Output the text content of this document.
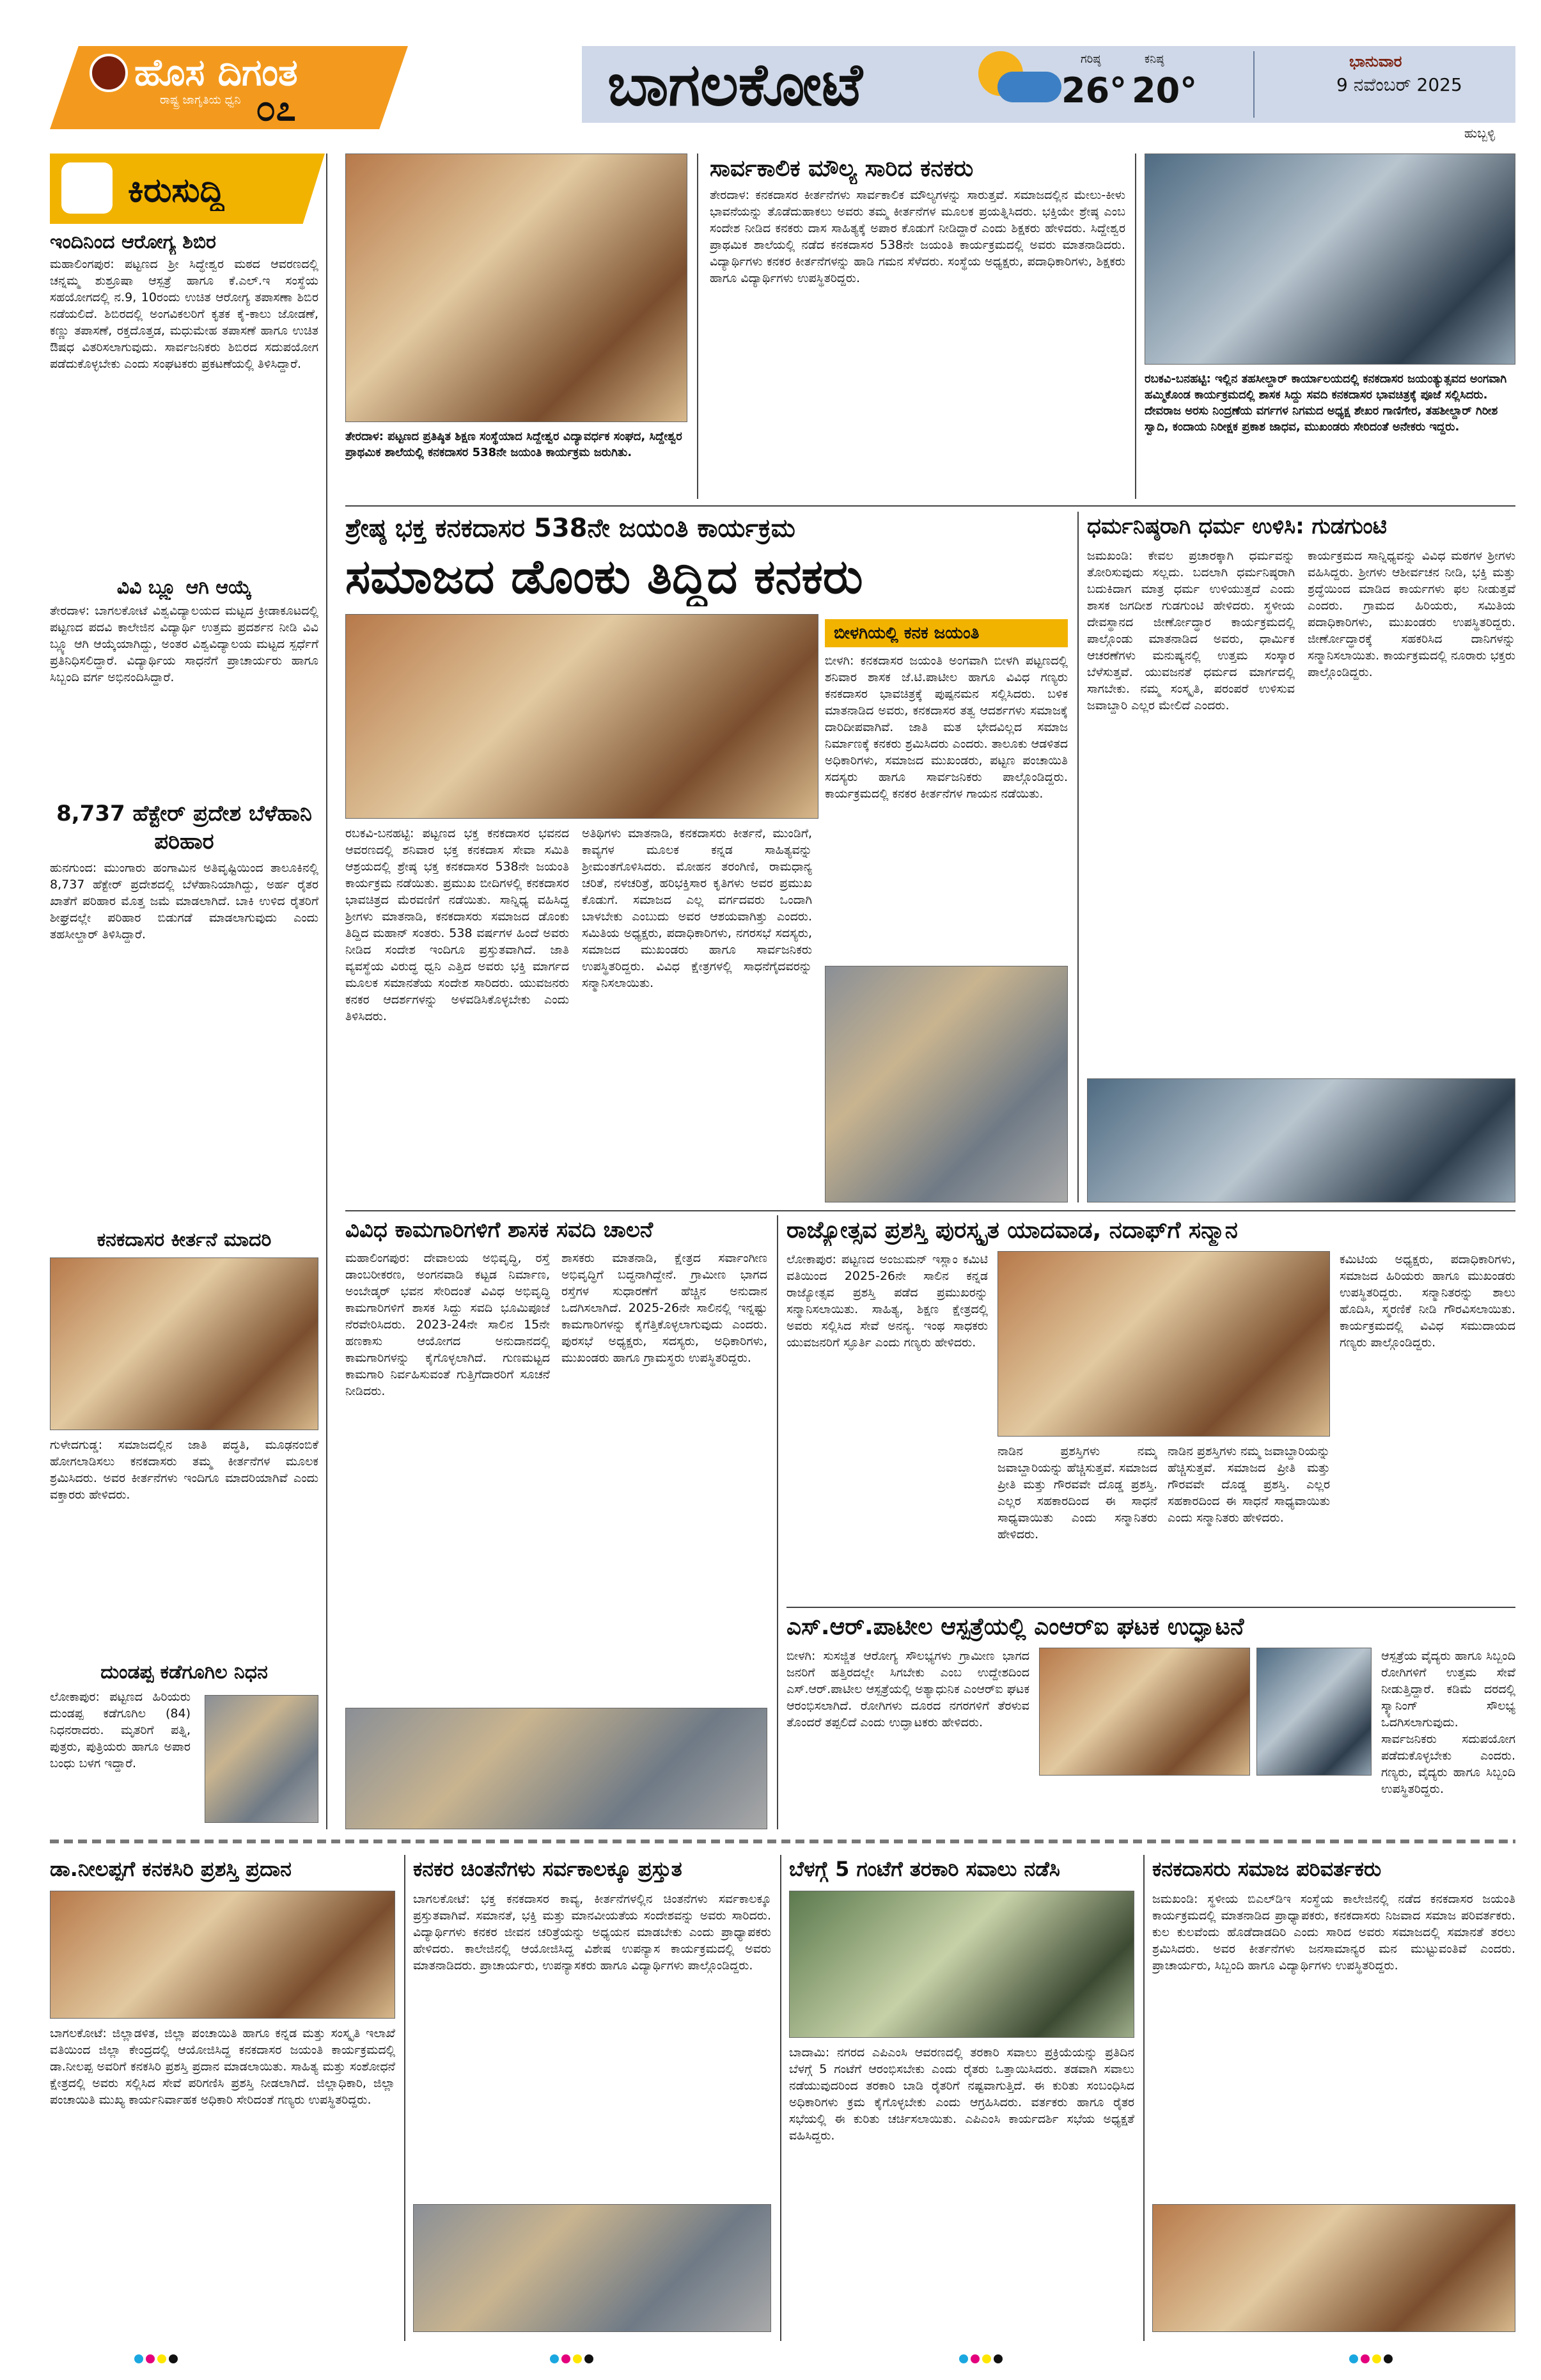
ಹೊಸ ದಿಗಂತ
ರಾಷ್ಟ್ರ ಜಾಗೃತಿಯ ಧ್ವನಿ ೦೭	ಬಾಗಲಕೋಟೆ	ಗರಿಷ್ಠ
26°
ಕನಿಷ್ಠ
20°
ಭಾನುವಾರ
9 ನವೆಂಬರ್ 2025
ಹುಬ್ಬಳ್ಳಿ
ಕಿರುಸುದ್ದಿ
ಇಂದಿನಿಂದ ಆರೋಗ್ಯ ಶಿಬಿರ
ಮಹಾಲಿಂಗಪುರ: ಪಟ್ಟಣದ ಶ್ರೀ ಸಿದ್ಧೇಶ್ವರ ಮಠದ ಆವರಣದಲ್ಲಿ ಚನ್ನಮ್ಮ ಶುಶ್ರೂಷಾ ಆಸ್ಪತ್ರೆ ಹಾಗೂ ಕೆ.ಎಲ್.ಇ ಸಂಸ್ಥೆಯ ಸಹಯೋಗದಲ್ಲಿ ನ.9, 10ರಂದು ಉಚಿತ ಆರೋಗ್ಯ ತಪಾಸಣಾ ಶಿಬಿರ ನಡೆಯಲಿದೆ. ಶಿಬಿರದಲ್ಲಿ ಅಂಗವಿಕಲರಿಗೆ ಕೃತಕ ಕೈ-ಕಾಲು ಜೋಡಣೆ, ಕಣ್ಣು ತಪಾಸಣೆ, ರಕ್ತದೊತ್ತಡ, ಮಧುಮೇಹ ತಪಾಸಣೆ ಹಾಗೂ ಉಚಿತ ಔಷಧ ವಿತರಿಸಲಾಗುವುದು. ಸಾರ್ವಜನಿಕರು ಶಿಬಿರದ ಸದುಪಯೋಗ ಪಡೆದುಕೊಳ್ಳಬೇಕು ಎಂದು ಸಂಘಟಕರು ಪ್ರಕಟಣೆಯಲ್ಲಿ ತಿಳಿಸಿದ್ದಾರೆ.
ವಿವಿ ಬ್ಲ್ಯೂ ಆಗಿ ಆಯ್ಕೆ
ತೇರದಾಳ: ಬಾಗಲಕೋಟೆ ವಿಶ್ವವಿದ್ಯಾಲಯದ ಮಟ್ಟದ ಕ್ರೀಡಾಕೂಟದಲ್ಲಿ ಪಟ್ಟಣದ ಪದವಿ ಕಾಲೇಜಿನ ವಿದ್ಯಾರ್ಥಿ ಉತ್ತಮ ಪ್ರದರ್ಶನ ನೀಡಿ ವಿವಿ ಬ್ಲ್ಯೂ ಆಗಿ ಆಯ್ಕೆಯಾಗಿದ್ದು, ಅಂತರ ವಿಶ್ವವಿದ್ಯಾಲಯ ಮಟ್ಟದ ಸ್ಪರ್ಧೆಗೆ ಪ್ರತಿನಿಧಿಸಲಿದ್ದಾರೆ. ವಿದ್ಯಾರ್ಥಿಯ ಸಾಧನೆಗೆ ಪ್ರಾಚಾರ್ಯರು ಹಾಗೂ ಸಿಬ್ಬಂದಿ ವರ್ಗ ಅಭಿನಂದಿಸಿದ್ದಾರೆ.
8,737 ಹೆಕ್ಟೇರ್ ಪ್ರದೇಶ ಬೆಳೆಹಾನಿ ಪರಿಹಾರ
ಹುನಗುಂದ: ಮುಂಗಾರು ಹಂಗಾಮಿನ ಅತಿವೃಷ್ಟಿಯಿಂದ ತಾಲೂಕಿನಲ್ಲಿ 8,737 ಹೆಕ್ಟೇರ್ ಪ್ರದೇಶದಲ್ಲಿ ಬೆಳೆಹಾನಿಯಾಗಿದ್ದು, ಅರ್ಹ ರೈತರ ಖಾತೆಗೆ ಪರಿಹಾರ ಮೊತ್ತ ಜಮೆ ಮಾಡಲಾಗಿದೆ. ಬಾಕಿ ಉಳಿದ ರೈತರಿಗೆ ಶೀಘ್ರದಲ್ಲೇ ಪರಿಹಾರ ಬಿಡುಗಡೆ ಮಾಡಲಾಗುವುದು ಎಂದು ತಹಸೀಲ್ದಾರ್ ತಿಳಿಸಿದ್ದಾರೆ.
ಕನಕದಾಸರ ಕೀರ್ತನೆ ಮಾದರಿ
ಗುಳೇದಗುಡ್ಡ: ಸಮಾಜದಲ್ಲಿನ ಜಾತಿ ಪದ್ಧತಿ, ಮೂಢನಂಬಿಕೆ ಹೋಗಲಾಡಿಸಲು ಕನಕದಾಸರು ತಮ್ಮ ಕೀರ್ತನೆಗಳ ಮೂಲಕ ಶ್ರಮಿಸಿದರು. ಅವರ ಕೀರ್ತನೆಗಳು ಇಂದಿಗೂ ಮಾದರಿಯಾಗಿವೆ ಎಂದು ವಕ್ತಾರರು ಹೇಳಿದರು.
ದುಂಡಪ್ಪ ಕಡೆಗೂಗಿಲ ನಿಧನ
ಲೋಕಾಪುರ: ಪಟ್ಟಣದ ಹಿರಿಯರು ದುಂಡಪ್ಪ ಕಡೆಗೂಗಿಲ (84) ನಿಧನರಾದರು. ಮೃತರಿಗೆ ಪತ್ನಿ, ಪುತ್ರರು, ಪುತ್ರಿಯರು ಹಾಗೂ ಅಪಾರ ಬಂಧು ಬಳಗ ಇದ್ದಾರೆ.
ತೇರದಾಳ: ಪಟ್ಟಣದ ಪ್ರತಿಷ್ಠಿತ ಶಿಕ್ಷಣ ಸಂಸ್ಥೆಯಾದ ಸಿದ್ದೇಶ್ವರ ವಿದ್ಯಾವರ್ಧಕ ಸಂಘದ, ಸಿದ್ದೇಶ್ವರ ಪ್ರಾಥಮಿಕ ಶಾಲೆಯಲ್ಲಿ ಕನಕದಾಸರ 538ನೇ ಜಯಂತಿ ಕಾರ್ಯಕ್ರಮ ಜರುಗಿತು.
ಸಾರ್ವಕಾಲಿಕ ಮೌಲ್ಯ ಸಾರಿದ ಕನಕರು
ತೇರದಾಳ: ಕನಕದಾಸರ ಕೀರ್ತನೆಗಳು ಸಾರ್ವಕಾಲಿಕ ಮೌಲ್ಯಗಳನ್ನು ಸಾರುತ್ತವೆ. ಸಮಾಜದಲ್ಲಿನ ಮೇಲು-ಕೀಳು ಭಾವನೆಯನ್ನು ತೊಡೆದುಹಾಕಲು ಅವರು ತಮ್ಮ ಕೀರ್ತನೆಗಳ ಮೂಲಕ ಪ್ರಯತ್ನಿಸಿದರು. ಭಕ್ತಿಯೇ ಶ್ರೇಷ್ಠ ಎಂಬ ಸಂದೇಶ ನೀಡಿದ ಕನಕರು ದಾಸ ಸಾಹಿತ್ಯಕ್ಕೆ ಅಪಾರ ಕೊಡುಗೆ ನೀಡಿದ್ದಾರೆ ಎಂದು ಶಿಕ್ಷಕರು ಹೇಳಿದರು. ಸಿದ್ದೇಶ್ವರ ಪ್ರಾಥಮಿಕ ಶಾಲೆಯಲ್ಲಿ ನಡೆದ ಕನಕದಾಸರ 538ನೇ ಜಯಂತಿ ಕಾರ್ಯಕ್ರಮದಲ್ಲಿ ಅವರು ಮಾತನಾಡಿದರು. ವಿದ್ಯಾರ್ಥಿಗಳು ಕನಕರ ಕೀರ್ತನೆಗಳನ್ನು ಹಾಡಿ ಗಮನ ಸೆಳೆದರು. ಸಂಸ್ಥೆಯ ಅಧ್ಯಕ್ಷರು, ಪದಾಧಿಕಾರಿಗಳು, ಶಿಕ್ಷಕರು ಹಾಗೂ ವಿದ್ಯಾರ್ಥಿಗಳು ಉಪಸ್ಥಿತರಿದ್ದರು.
ರಬಕವಿ-ಬನಹಟ್ಟಿ: ಇಲ್ಲಿನ ತಹಸೀಲ್ದಾರ್ ಕಾರ್ಯಾಲಯದಲ್ಲಿ ಕನಕದಾಸರ ಜಯಂತ್ಯುತ್ಸವದ ಅಂಗವಾಗಿ ಹಮ್ಮಿಕೊಂಡ ಕಾರ್ಯಕ್ರಮದಲ್ಲಿ ಶಾಸಕ ಸಿದ್ದು ಸವದಿ ಕನಕದಾಸರ ಭಾವಚಿತ್ರಕ್ಕೆ ಪೂಜೆ ಸಲ್ಲಿಸಿದರು. ದೇವರಾಜ ಅರಸು ನಿಂದ್ರಣೆಯ ವರ್ಗಗಳ ನಿಗಮದ ಅಧ್ಯಕ್ಷ ಶೇಖರ ಗಾಣಿಗೇರ, ತಹಶೀಲ್ದಾರ್ ಗಿರೀಶ ಸ್ವಾದಿ, ಕಂದಾಯ ನಿರೀಕ್ಷಕ ಪ್ರಕಾಶ ಜಾಧವ, ಮುಖಂಡರು ಸೇರಿದಂತೆ ಅನೇಕರು ಇದ್ದರು.
ಶ್ರೇಷ್ಠ ಭಕ್ತ ಕನಕದಾಸರ 538ನೇ ಜಯಂತಿ ಕಾರ್ಯಕ್ರಮ
ಸಮಾಜದ ಡೊಂಕು ತಿದ್ದಿದ ಕನಕರು
ರಬಕವಿ-ಬನಹಟ್ಟಿ: ಪಟ್ಟಣದ ಭಕ್ತ ಕನಕದಾಸರ ಭವನದ ಆವರಣದಲ್ಲಿ ಶನಿವಾರ ಭಕ್ತ ಕನಕದಾಸ ಸೇವಾ ಸಮಿತಿ ಆಶ್ರಯದಲ್ಲಿ ಶ್ರೇಷ್ಠ ಭಕ್ತ ಕನಕದಾಸರ 538ನೇ ಜಯಂತಿ ಕಾರ್ಯಕ್ರಮ ನಡೆಯಿತು. ಪ್ರಮುಖ ಬೀದಿಗಳಲ್ಲಿ ಕನಕದಾಸರ ಭಾವಚಿತ್ರದ ಮೆರವಣಿಗೆ ನಡೆಯಿತು. ಸಾನ್ನಿಧ್ಯ ವಹಿಸಿದ್ದ ಶ್ರೀಗಳು ಮಾತನಾಡಿ, ಕನಕದಾಸರು ಸಮಾಜದ ಡೊಂಕು ತಿದ್ದಿದ ಮಹಾನ್ ಸಂತರು. 538 ವರ್ಷಗಳ ಹಿಂದೆ ಅವರು ನೀಡಿದ ಸಂದೇಶ ಇಂದಿಗೂ ಪ್ರಸ್ತುತವಾಗಿದೆ. ಜಾತಿ ವ್ಯವಸ್ಥೆಯ ವಿರುದ್ಧ ಧ್ವನಿ ಎತ್ತಿದ ಅವರು ಭಕ್ತಿ ಮಾರ್ಗದ ಮೂಲಕ ಸಮಾನತೆಯ ಸಂದೇಶ ಸಾರಿದರು. ಯುವಜನರು ಕನಕರ ಆದರ್ಶಗಳನ್ನು ಅಳವಡಿಸಿಕೊಳ್ಳಬೇಕು ಎಂದು ತಿಳಿಸಿದರು.
ಅತಿಥಿಗಳು ಮಾತನಾಡಿ, ಕನಕದಾಸರು ಕೀರ್ತನೆ, ಮುಂಡಿಗೆ, ಕಾವ್ಯಗಳ ಮೂಲಕ ಕನ್ನಡ ಸಾಹಿತ್ಯವನ್ನು ಶ್ರೀಮಂತಗೊಳಿಸಿದರು. ಮೋಹನ ತರಂಗಿಣಿ, ರಾಮಧಾನ್ಯ ಚರಿತೆ, ನಳಚರಿತ್ರೆ, ಹರಿಭಕ್ತಿಸಾರ ಕೃತಿಗಳು ಅವರ ಪ್ರಮುಖ ಕೊಡುಗೆ. ಸಮಾಜದ ಎಲ್ಲ ವರ್ಗದವರು ಒಂದಾಗಿ ಬಾಳಬೇಕು ಎಂಬುದು ಅವರ ಆಶಯವಾಗಿತ್ತು ಎಂದರು. ಸಮಿತಿಯ ಅಧ್ಯಕ್ಷರು, ಪದಾಧಿಕಾರಿಗಳು, ನಗರಸಭೆ ಸದಸ್ಯರು, ಸಮಾಜದ ಮುಖಂಡರು ಹಾಗೂ ಸಾರ್ವಜನಿಕರು ಉಪಸ್ಥಿತರಿದ್ದರು. ವಿವಿಧ ಕ್ಷೇತ್ರಗಳಲ್ಲಿ ಸಾಧನೆಗೈದವರನ್ನು ಸನ್ಮಾನಿಸಲಾಯಿತು.
ಬೀಳಗಿಯಲ್ಲಿ ಕನಕ ಜಯಂತಿ
ಬೀಳಗಿ: ಕನಕದಾಸರ ಜಯಂತಿ ಅಂಗವಾಗಿ ಬೀಳಗಿ ಪಟ್ಟಣದಲ್ಲಿ ಶನಿವಾರ ಶಾಸಕ ಜೆ.ಟಿ.ಪಾಟೀಲ ಹಾಗೂ ವಿವಿಧ ಗಣ್ಯರು ಕನಕದಾಸರ ಭಾವಚಿತ್ರಕ್ಕೆ ಪುಷ್ಪನಮನ ಸಲ್ಲಿಸಿದರು. ಬಳಿಕ ಮಾತನಾಡಿದ ಅವರು, ಕನಕದಾಸರ ತತ್ವ ಆದರ್ಶಗಳು ಸಮಾಜಕ್ಕೆ ದಾರಿದೀಪವಾಗಿವೆ. ಜಾತಿ ಮತ ಭೇದವಿಲ್ಲದ ಸಮಾಜ ನಿರ್ಮಾಣಕ್ಕೆ ಕನಕರು ಶ್ರಮಿಸಿದರು ಎಂದರು. ತಾಲೂಕು ಆಡಳಿತದ ಅಧಿಕಾರಿಗಳು, ಸಮಾಜದ ಮುಖಂಡರು, ಪಟ್ಟಣ ಪಂಚಾಯಿತಿ ಸದಸ್ಯರು ಹಾಗೂ ಸಾರ್ವಜನಿಕರು ಪಾಲ್ಗೊಂಡಿದ್ದರು. ಕಾರ್ಯಕ್ರಮದಲ್ಲಿ ಕನಕರ ಕೀರ್ತನೆಗಳ ಗಾಯನ ನಡೆಯಿತು.
ಧರ್ಮನಿಷ್ಠರಾಗಿ ಧರ್ಮ ಉಳಿಸಿ: ಗುಡಗುಂಟಿ
ಜಮಖಂಡಿ: ಕೇವಲ ಪ್ರಚಾರಕ್ಕಾಗಿ ಧರ್ಮವನ್ನು ತೋರಿಸುವುದು ಸಲ್ಲದು. ಬದಲಾಗಿ ಧರ್ಮನಿಷ್ಠರಾಗಿ ಬದುಕಿದಾಗ ಮಾತ್ರ ಧರ್ಮ ಉಳಿಯುತ್ತದೆ ಎಂದು ಶಾಸಕ ಜಗದೀಶ ಗುಡಗುಂಟಿ ಹೇಳಿದರು. ಸ್ಥಳೀಯ ದೇವಸ್ಥಾನದ ಜೀರ್ಣೋದ್ಧಾರ ಕಾರ್ಯಕ್ರಮದಲ್ಲಿ ಪಾಲ್ಗೊಂಡು ಮಾತನಾಡಿದ ಅವರು, ಧಾರ್ಮಿಕ ಆಚರಣೆಗಳು ಮನುಷ್ಯನಲ್ಲಿ ಉತ್ತಮ ಸಂಸ್ಕಾರ ಬೆಳೆಸುತ್ತವೆ. ಯುವಜನತೆ ಧರ್ಮದ ಮಾರ್ಗದಲ್ಲಿ ಸಾಗಬೇಕು. ನಮ್ಮ ಸಂಸ್ಕೃತಿ, ಪರಂಪರೆ ಉಳಿಸುವ ಜವಾಬ್ದಾರಿ ಎಲ್ಲರ ಮೇಲಿದೆ ಎಂದರು.
ಕಾರ್ಯಕ್ರಮದ ಸಾನ್ನಿಧ್ಯವನ್ನು ವಿವಿಧ ಮಠಗಳ ಶ್ರೀಗಳು ವಹಿಸಿದ್ದರು. ಶ್ರೀಗಳು ಆಶೀರ್ವಚನ ನೀಡಿ, ಭಕ್ತಿ ಮತ್ತು ಶ್ರದ್ಧೆಯಿಂದ ಮಾಡಿದ ಕಾರ್ಯಗಳು ಫಲ ನೀಡುತ್ತವೆ ಎಂದರು. ಗ್ರಾಮದ ಹಿರಿಯರು, ಸಮಿತಿಯ ಪದಾಧಿಕಾರಿಗಳು, ಮುಖಂಡರು ಉಪಸ್ಥಿತರಿದ್ದರು. ಜೀರ್ಣೋದ್ಧಾರಕ್ಕೆ ಸಹಕರಿಸಿದ ದಾನಿಗಳನ್ನು ಸನ್ಮಾನಿಸಲಾಯಿತು. ಕಾರ್ಯಕ್ರಮದಲ್ಲಿ ನೂರಾರು ಭಕ್ತರು ಪಾಲ್ಗೊಂಡಿದ್ದರು.
ವಿವಿಧ ಕಾಮಗಾರಿಗಳಿಗೆ ಶಾಸಕ ಸವದಿ ಚಾಲನೆ
ಮಹಾಲಿಂಗಪುರ: ದೇವಾಲಯ ಅಭಿವೃದ್ಧಿ, ರಸ್ತೆ ಡಾಂಬರೀಕರಣ, ಅಂಗನವಾಡಿ ಕಟ್ಟಡ ನಿರ್ಮಾಣ, ಅಂಬೇಡ್ಕರ್ ಭವನ ಸೇರಿದಂತೆ ವಿವಿಧ ಅಭಿವೃದ್ಧಿ ಕಾಮಗಾರಿಗಳಿಗೆ ಶಾಸಕ ಸಿದ್ದು ಸವದಿ ಭೂಮಿಪೂಜೆ ನೆರವೇರಿಸಿದರು. 2023-24ನೇ ಸಾಲಿನ 15ನೇ ಹಣಕಾಸು ಆಯೋಗದ ಅನುದಾನದಲ್ಲಿ ಕಾಮಗಾರಿಗಳನ್ನು ಕೈಗೊಳ್ಳಲಾಗಿದೆ. ಗುಣಮಟ್ಟದ ಕಾಮಗಾರಿ ನಿರ್ವಹಿಸುವಂತೆ ಗುತ್ತಿಗೆದಾರರಿಗೆ ಸೂಚನೆ ನೀಡಿದರು.
ಶಾಸಕರು ಮಾತನಾಡಿ, ಕ್ಷೇತ್ರದ ಸರ್ವಾಂಗೀಣ ಅಭಿವೃದ್ಧಿಗೆ ಬದ್ಧನಾಗಿದ್ದೇನೆ. ಗ್ರಾಮೀಣ ಭಾಗದ ರಸ್ತೆಗಳ ಸುಧಾರಣೆಗೆ ಹೆಚ್ಚಿನ ಅನುದಾನ ಒದಗಿಸಲಾಗಿದೆ. 2025-26ನೇ ಸಾಲಿನಲ್ಲಿ ಇನ್ನಷ್ಟು ಕಾಮಗಾರಿಗಳನ್ನು ಕೈಗೆತ್ತಿಕೊಳ್ಳಲಾಗುವುದು ಎಂದರು. ಪುರಸಭೆ ಅಧ್ಯಕ್ಷರು, ಸದಸ್ಯರು, ಅಧಿಕಾರಿಗಳು, ಮುಖಂಡರು ಹಾಗೂ ಗ್ರಾಮಸ್ಥರು ಉಪಸ್ಥಿತರಿದ್ದರು.
ರಾಜ್ಯೋತ್ಸವ ಪ್ರಶಸ್ತಿ ಪುರಸ್ಕೃತ ಯಾದವಾಡ, ನದಾಫ್‌ಗೆ ಸನ್ಮಾನ
ಲೋಕಾಪುರ: ಪಟ್ಟಣದ ಅಂಜುಮನ್ ಇಸ್ಲಾಂ ಕಮಿಟಿ ವತಿಯಿಂದ 2025-26ನೇ ಸಾಲಿನ ಕನ್ನಡ ರಾಜ್ಯೋತ್ಸವ ಪ್ರಶಸ್ತಿ ಪಡೆದ ಪ್ರಮುಖರನ್ನು ಸನ್ಮಾನಿಸಲಾಯಿತು. ಸಾಹಿತ್ಯ, ಶಿಕ್ಷಣ ಕ್ಷೇತ್ರದಲ್ಲಿ ಅವರು ಸಲ್ಲಿಸಿದ ಸೇವೆ ಅನನ್ಯ. ಇಂಥ ಸಾಧಕರು ಯುವಜನರಿಗೆ ಸ್ಫೂರ್ತಿ ಎಂದು ಗಣ್ಯರು ಹೇಳಿದರು.
ನಾಡಿನ ಪ್ರಶಸ್ತಿಗಳು ನಮ್ಮ ಜವಾಬ್ದಾರಿಯನ್ನು ಹೆಚ್ಚಿಸುತ್ತವೆ. ಸಮಾಜದ ಪ್ರೀತಿ ಮತ್ತು ಗೌರವವೇ ದೊಡ್ಡ ಪ್ರಶಸ್ತಿ. ಎಲ್ಲರ ಸಹಕಾರದಿಂದ ಈ ಸಾಧನೆ ಸಾಧ್ಯವಾಯಿತು ಎಂದು ಸನ್ಮಾನಿತರು ಹೇಳಿದರು.
ಕಮಿಟಿಯ ಅಧ್ಯಕ್ಷರು, ಪದಾಧಿಕಾರಿಗಳು, ಸಮಾಜದ ಹಿರಿಯರು ಹಾಗೂ ಮುಖಂಡರು ಉಪಸ್ಥಿತರಿದ್ದರು. ಸನ್ಮಾನಿತರನ್ನು ಶಾಲು ಹೊದಿಸಿ, ಸ್ಮರಣಿಕೆ ನೀಡಿ ಗೌರವಿಸಲಾಯಿತು. ಕಾರ್ಯಕ್ರಮದಲ್ಲಿ ವಿವಿಧ ಸಮುದಾಯದ ಗಣ್ಯರು ಪಾಲ್ಗೊಂಡಿದ್ದರು.
ನಾಡಿನ ಪ್ರಶಸ್ತಿಗಳು ನಮ್ಮ ಜವಾಬ್ದಾರಿಯನ್ನು ಹೆಚ್ಚಿಸುತ್ತವೆ. ಸಮಾಜದ ಪ್ರೀತಿ ಮತ್ತು ಗೌರವವೇ ದೊಡ್ಡ ಪ್ರಶಸ್ತಿ. ಎಲ್ಲರ ಸಹಕಾರದಿಂದ ಈ ಸಾಧನೆ ಸಾಧ್ಯವಾಯಿತು ಎಂದು ಸನ್ಮಾನಿತರು ಹೇಳಿದರು.
ಎಸ್.ಆರ್.ಪಾಟೀಲ ಆಸ್ಪತ್ರೆಯಲ್ಲಿ ಎಂಆರ್‌ಐ ಘಟಕ ಉದ್ಘಾಟನೆ
ಬೀಳಗಿ: ಸುಸಜ್ಜಿತ ಆರೋಗ್ಯ ಸೌಲಭ್ಯಗಳು ಗ್ರಾಮೀಣ ಭಾಗದ ಜನರಿಗೆ ಹತ್ತಿರದಲ್ಲೇ ಸಿಗಬೇಕು ಎಂಬ ಉದ್ದೇಶದಿಂದ ಎಸ್.ಆರ್.ಪಾಟೀಲ ಆಸ್ಪತ್ರೆಯಲ್ಲಿ ಅತ್ಯಾಧುನಿಕ ಎಂಆರ್‌ಐ ಘಟಕ ಆರಂಭಿಸಲಾಗಿದೆ. ರೋಗಿಗಳು ದೂರದ ನಗರಗಳಿಗೆ ತೆರಳುವ ತೊಂದರೆ ತಪ್ಪಲಿದೆ ಎಂದು ಉದ್ಘಾಟಕರು ಹೇಳಿದರು.
ಆಸ್ಪತ್ರೆಯ ವೈದ್ಯರು ಹಾಗೂ ಸಿಬ್ಬಂದಿ ರೋಗಿಗಳಿಗೆ ಉತ್ತಮ ಸೇವೆ ನೀಡುತ್ತಿದ್ದಾರೆ. ಕಡಿಮೆ ದರದಲ್ಲಿ ಸ್ಕ್ಯಾನಿಂಗ್ ಸೌಲಭ್ಯ ಒದಗಿಸಲಾಗುವುದು. ಸಾರ್ವಜನಿಕರು ಸದುಪಯೋಗ ಪಡೆದುಕೊಳ್ಳಬೇಕು ಎಂದರು. ಗಣ್ಯರು, ವೈದ್ಯರು ಹಾಗೂ ಸಿಬ್ಬಂದಿ ಉಪಸ್ಥಿತರಿದ್ದರು.
ಡಾ.ನೀಲಪ್ಪಗೆ ಕನಕಸಿರಿ ಪ್ರಶಸ್ತಿ ಪ್ರದಾನ
ಬಾಗಲಕೋಟೆ: ಜಿಲ್ಲಾಡಳಿತ, ಜಿಲ್ಲಾ ಪಂಚಾಯಿತಿ ಹಾಗೂ ಕನ್ನಡ ಮತ್ತು ಸಂಸ್ಕೃತಿ ಇಲಾಖೆ ವತಿಯಿಂದ ಜಿಲ್ಲಾ ಕೇಂದ್ರದಲ್ಲಿ ಆಯೋಜಿಸಿದ್ದ ಕನಕದಾಸರ ಜಯಂತಿ ಕಾರ್ಯಕ್ರಮದಲ್ಲಿ ಡಾ.ನೀಲಪ್ಪ ಅವರಿಗೆ ಕನಕಸಿರಿ ಪ್ರಶಸ್ತಿ ಪ್ರದಾನ ಮಾಡಲಾಯಿತು. ಸಾಹಿತ್ಯ ಮತ್ತು ಸಂಶೋಧನೆ ಕ್ಷೇತ್ರದಲ್ಲಿ ಅವರು ಸಲ್ಲಿಸಿದ ಸೇವೆ ಪರಿಗಣಿಸಿ ಪ್ರಶಸ್ತಿ ನೀಡಲಾಗಿದೆ. ಜಿಲ್ಲಾಧಿಕಾರಿ, ಜಿಲ್ಲಾ ಪಂಚಾಯಿತಿ ಮುಖ್ಯ ಕಾರ್ಯನಿರ್ವಾಹಕ ಅಧಿಕಾರಿ ಸೇರಿದಂತೆ ಗಣ್ಯರು ಉಪಸ್ಥಿತರಿದ್ದರು.
ಕನಕರ ಚಿಂತನೆಗಳು ಸರ್ವಕಾಲಕ್ಕೂ ಪ್ರಸ್ತುತ
ಬಾಗಲಕೋಟೆ: ಭಕ್ತ ಕನಕದಾಸರ ಕಾವ್ಯ, ಕೀರ್ತನೆಗಳಲ್ಲಿನ ಚಿಂತನೆಗಳು ಸರ್ವಕಾಲಕ್ಕೂ ಪ್ರಸ್ತುತವಾಗಿವೆ. ಸಮಾನತೆ, ಭಕ್ತಿ ಮತ್ತು ಮಾನವೀಯತೆಯ ಸಂದೇಶವನ್ನು ಅವರು ಸಾರಿದರು. ವಿದ್ಯಾರ್ಥಿಗಳು ಕನಕರ ಜೀವನ ಚರಿತ್ರೆಯನ್ನು ಅಧ್ಯಯನ ಮಾಡಬೇಕು ಎಂದು ಪ್ರಾಧ್ಯಾಪಕರು ಹೇಳಿದರು. ಕಾಲೇಜಿನಲ್ಲಿ ಆಯೋಜಿಸಿದ್ದ ವಿಶೇಷ ಉಪನ್ಯಾಸ ಕಾರ್ಯಕ್ರಮದಲ್ಲಿ ಅವರು ಮಾತನಾಡಿದರು. ಪ್ರಾಚಾರ್ಯರು, ಉಪನ್ಯಾಸಕರು ಹಾಗೂ ವಿದ್ಯಾರ್ಥಿಗಳು ಪಾಲ್ಗೊಂಡಿದ್ದರು.
ಬೆಳಗ್ಗೆ 5 ಗಂಟೆಗೆ ತರಕಾರಿ ಸವಾಲು ನಡೆಸಿ
ಬಾದಾಮಿ: ನಗರದ ಎಪಿಎಂಸಿ ಆವರಣದಲ್ಲಿ ತರಕಾರಿ ಸವಾಲು ಪ್ರಕ್ರಿಯೆಯನ್ನು ಪ್ರತಿದಿನ ಬೆಳಗ್ಗೆ 5 ಗಂಟೆಗೆ ಆರಂಭಿಸಬೇಕು ಎಂದು ರೈತರು ಒತ್ತಾಯಿಸಿದರು. ತಡವಾಗಿ ಸವಾಲು ನಡೆಯುವುದರಿಂದ ತರಕಾರಿ ಬಾಡಿ ರೈತರಿಗೆ ನಷ್ಟವಾಗುತ್ತಿದೆ. ಈ ಕುರಿತು ಸಂಬಂಧಿಸಿದ ಅಧಿಕಾರಿಗಳು ಕ್ರಮ ಕೈಗೊಳ್ಳಬೇಕು ಎಂದು ಆಗ್ರಹಿಸಿದರು. ವರ್ತಕರು ಹಾಗೂ ರೈತರ ಸಭೆಯಲ್ಲಿ ಈ ಕುರಿತು ಚರ್ಚಿಸಲಾಯಿತು. ಎಪಿಎಂಸಿ ಕಾರ್ಯದರ್ಶಿ ಸಭೆಯ ಅಧ್ಯಕ್ಷತೆ ವಹಿಸಿದ್ದರು.
ಕನಕದಾಸರು ಸಮಾಜ ಪರಿವರ್ತಕರು
ಜಮಖಂಡಿ: ಸ್ಥಳೀಯ ಬಿಎಲ್‌ಡಿಇ ಸಂಸ್ಥೆಯ ಕಾಲೇಜಿನಲ್ಲಿ ನಡೆದ ಕನಕದಾಸರ ಜಯಂತಿ ಕಾರ್ಯಕ್ರಮದಲ್ಲಿ ಮಾತನಾಡಿದ ಪ್ರಾಧ್ಯಾಪಕರು, ಕನಕದಾಸರು ನಿಜವಾದ ಸಮಾಜ ಪರಿವರ್ತಕರು. ಕುಲ ಕುಲವೆಂದು ಹೊಡೆದಾಡದಿರಿ ಎಂದು ಸಾರಿದ ಅವರು ಸಮಾಜದಲ್ಲಿ ಸಮಾನತೆ ತರಲು ಶ್ರಮಿಸಿದರು. ಅವರ ಕೀರ್ತನೆಗಳು ಜನಸಾಮಾನ್ಯರ ಮನ ಮುಟ್ಟುವಂತಿವೆ ಎಂದರು. ಪ್ರಾಚಾರ್ಯರು, ಸಿಬ್ಬಂದಿ ಹಾಗೂ ವಿದ್ಯಾರ್ಥಿಗಳು ಉಪಸ್ಥಿತರಿದ್ದರು.
